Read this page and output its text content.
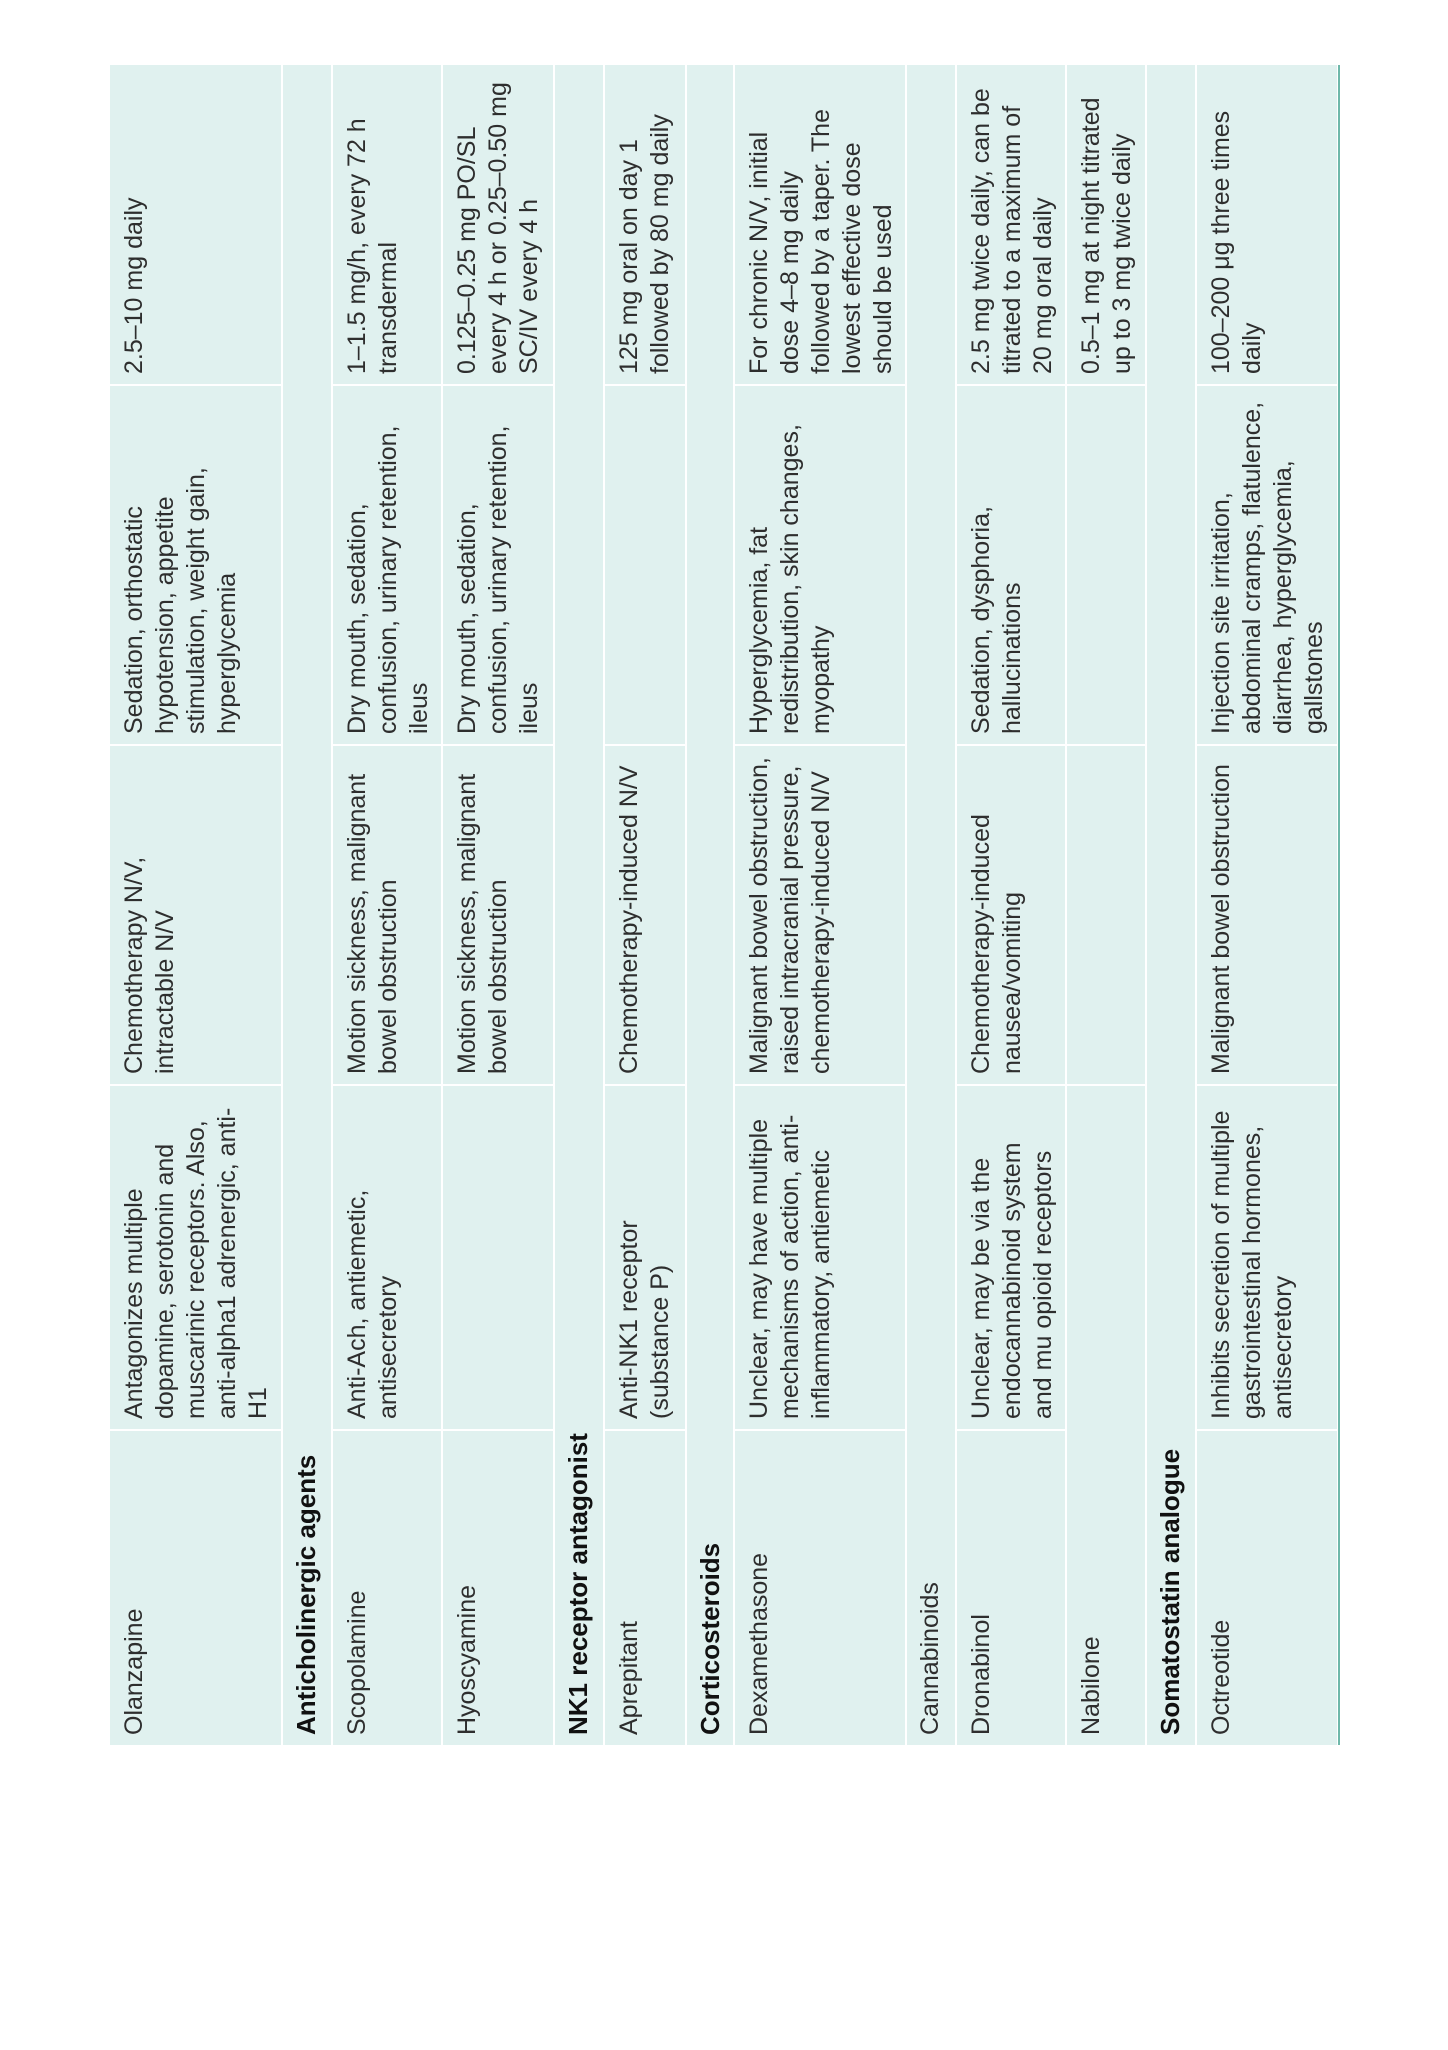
Olanzapine	Antagonizes multiple dopamine, serotonin and muscarinic receptors. Also, anti-alpha1 adrenergic, anti-H1	Chemotherapy N/V, intractable N/V	Sedation, orthostatic hypotension, appetite stimulation, weight gain, hyperglycemia	2.5–10 mg daily
Anticholinergic agents				
Scopolamine	Anti-Ach, antiemetic, antisecretory	Motion sickness, malignant bowel obstruction	Dry mouth, sedation, confusion, urinary retention, ileus	1–1.5 mg/h, every 72 h transdermal
Hyoscyamine		Motion sickness, malignant bowel obstruction	Dry mouth, sedation, confusion, urinary retention, ileus	0.125–0.25 mg PO/SL every 4 h or 0.25–0.50 mg SC/IV every 4 h
NK1 receptor antagonist				
Aprepitant	Anti-NK1 receptor (substance P)	Chemotherapy-induced N/V		125 mg oral on day 1 followed by 80 mg daily
Corticosteroids				
Dexamethasone	Unclear, may have multiple mechanisms of action, anti-inflammatory, antiemetic	Malignant bowel obstruction, raised intracranial pressure, chemotherapy-induced N/V	Hyperglycemia, fat redistribution, skin changes, myopathy	For chronic N/V, initial dose 4–8 mg daily followed by a taper. The lowest effective dose should be used
Cannabinoids				
Dronabinol	Unclear, may be via the endocannabinoid system and mu opioid receptors	Chemotherapy-induced nausea/vomiting	Sedation, dysphoria, hallucinations	2.5 mg twice daily, can be titrated to a maximum of 20 mg oral daily
Nabilone				0.5–1 mg at night titrated up to 3 mg twice daily
Somatostatin analogue				
Octreotide	Inhibits secretion of multiple gastrointestinal hormones, antisecretory	Malignant bowel obstruction	Injection site irritation, abdominal cramps, flatulence, diarrhea, hyperglycemia, gallstones	100–200 μg three times daily
